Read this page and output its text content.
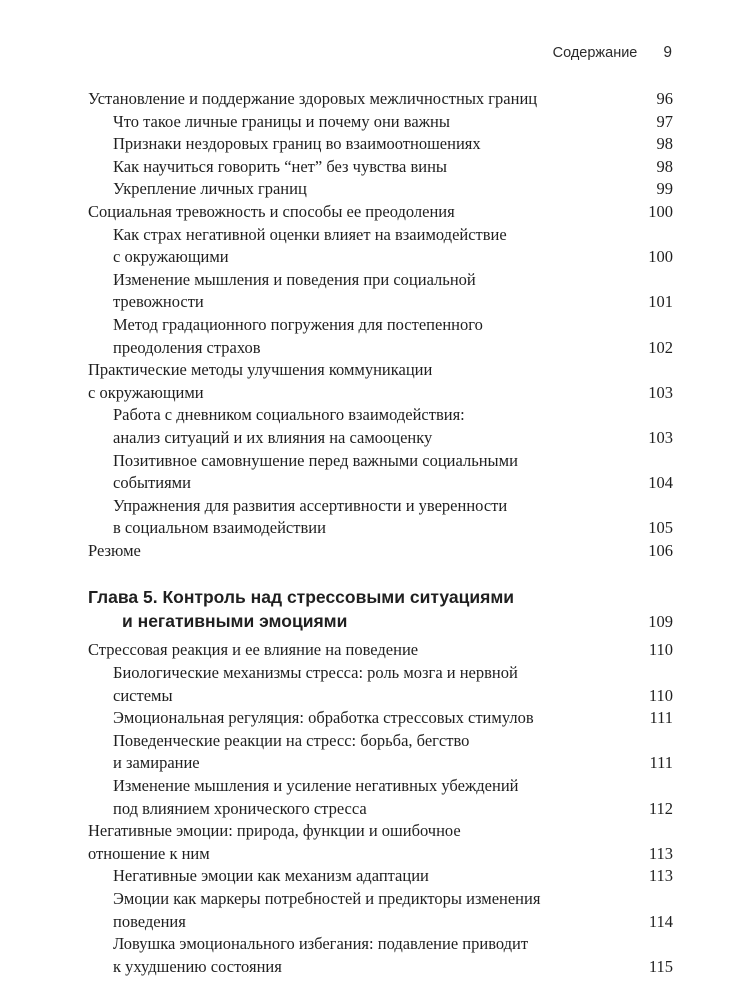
Содержание 9
Установление и поддержание здоровых межличностных границ	96
Что такое личные границы и почему они важны	97
Признаки нездоровых границ во взаимоотношениях	98
Как научиться говорить “нет” без чувства вины	98
Укрепление личных границ	99
Социальная тревожность и способы ее преодоления	100
Как страх негативной оценки влияет на взаимодействие
с окружающими	100
Изменение мышления и поведения при социальной
тревожности	101
Метод градационного погружения для постепенного
преодоления страхов	102
Практические методы улучшения коммуникации
с окружающими	103
Работа с дневником социального взаимодействия:
анализ ситуаций и их влияния на самооценку	103
Позитивное самовнушение перед важными социальными
событиями	104
Упражнения для развития ассертивности и уверенности
в социальном взаимодействии	105
Резюме	106
Глава 5. Контроль над стрессовыми ситуациями
и негативными эмоциями	109
Стрессовая реакция и ее влияние на поведение	110
Биологические механизмы стресса: роль мозга и нервной
системы	110
Эмоциональная регуляция: обработка стрессовых стимулов	111
Поведенческие реакции на стресс: борьба, бегство
и замирание	111
Изменение мышления и усиление негативных убеждений
под влиянием хронического стресса	112
Негативные эмоции: природа, функции и ошибочное
отношение к ним	113
Негативные эмоции как механизм адаптации	113
Эмоции как маркеры потребностей и предикторы изменения
поведения	114
Ловушка эмоционального избегания: подавление приводит
к ухудшению состояния	115
